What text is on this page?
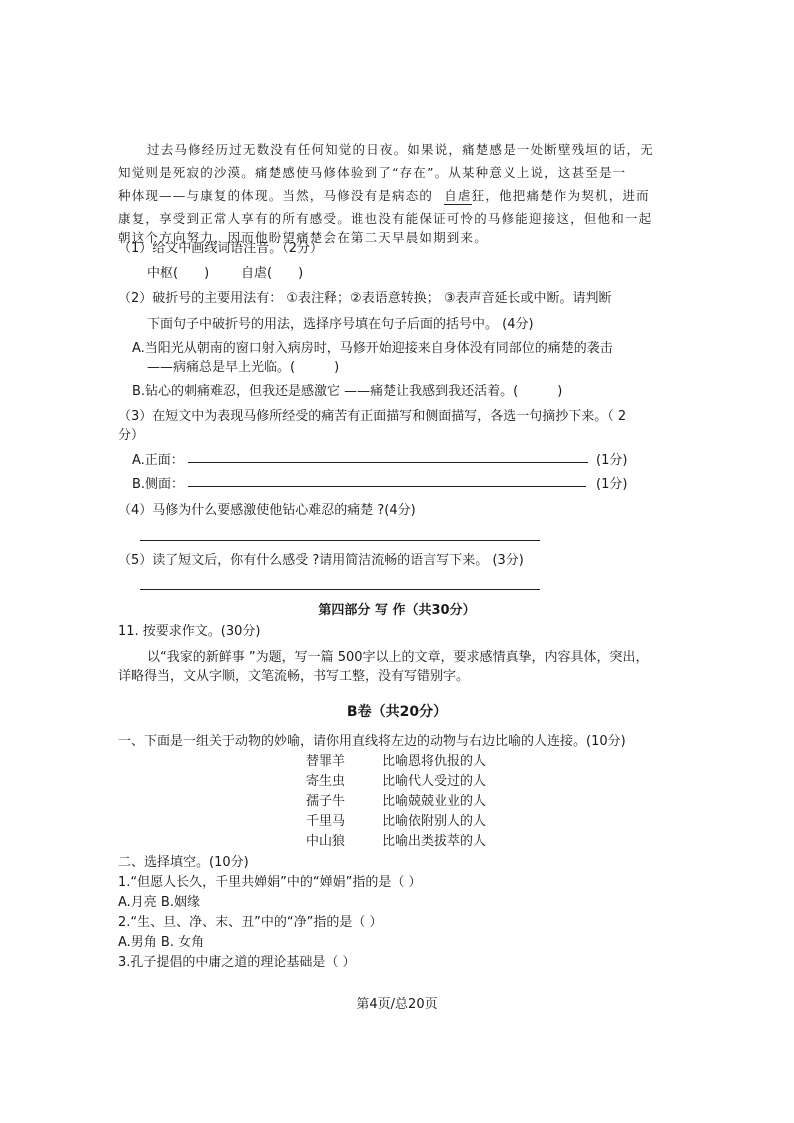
过去马修经历过无数没有任何知觉的日夜。如果说，痛楚感是一处断壁残垣的话，无
知觉则是死寂的沙漠。痛楚感使马修体验到了“存在”。从某种意义上说，这甚至是一
种体现——与康复的体现。当然，马修没有是病态的 自虐狂，他把痛楚作为契机，进而
康复，享受到正常人享有的所有感受。谁也没有能保证可怜的马修能迎接这，但他和一起
朝这个方向努力，因而他盼望痛楚会在第二天早晨如期到来。
（1）给文中画线词语注音。（2分）
中枢(　　) 自虐(　　)
（2）破折号的主要用法有： ①表注释；②表语意转换； ③表声音延长或中断。请判断
下面句子中破折号的用法，选择序号填在句子后面的括号中。 (4分)
A.当阳光从朝南的窗口射入病房时，马修开始迎接来自身体没有同部位的痛楚的袭击
——病痛总是早上光临。(　　　)
B.钻心的刺痛难忍，但我还是感激它 ——痛楚让我感到我还活着。(　　　)
（3）在短文中为表现马修所经受的痛苦有正面描写和侧面描写，各选一句摘抄下来。（ 2
分）
A.正面：	(1分)
B.侧面：	(1分)
（4）马修为什么要感激使他钻心难忍的痛楚 ?(4分)
（5）读了短文后，你有什么感受 ?请用简洁流畅的语言写下来。 (3分)
第四部分 写 作（共30分）
11. 按要求作文。(30分)
以“我家的新鲜事 ”为题，写一篇 500字以上的文章，要求感情真挚，内容具体，突出，
详略得当，文从字顺，文笔流畅，书写工整，没有写错别字。
B卷（共20分）
一、下面是一组关于动物的妙喻，请你用直线将左边的动物与右边比喻的人连接。(10分)
替罪羊	比喻恩将仇报的人
寄生虫	比喻代人受过的人
孺子牛	比喻兢兢业业的人
千里马	比喻依附别人的人
中山狼	比喻出类拔萃的人
二、选择填空。(10分)
1.“但愿人长久，千里共婵娟”中的“婵娟”指的是（ ）
A.月亮 B.姻缘
2.“生、旦、净、末、丑”中的“净”指的是（ ）
A.男角 B. 女角
3.孔子提倡的中庸之道的理论基础是（ ）
第4页/总20页
